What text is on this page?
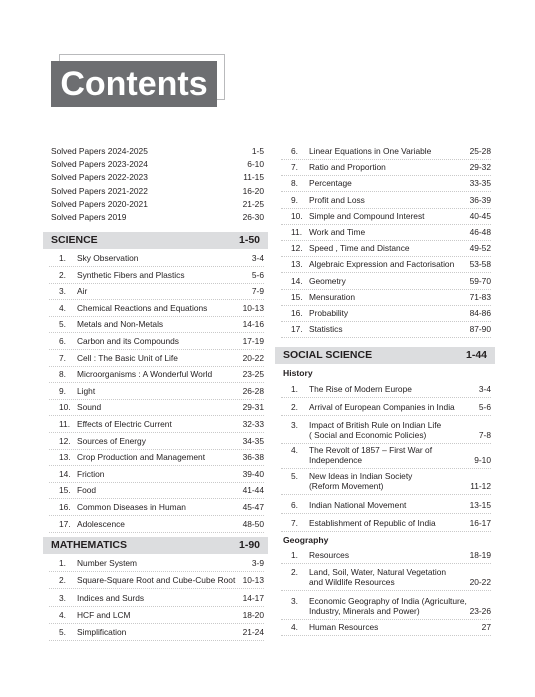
Contents
Solved Papers 2024-2025	1-5
Solved Papers 2023-2024	6-10
Solved Papers 2022-2023	11-15
Solved Papers 2021-2022	16-20
Solved Papers 2020-2021	21-25
Solved Papers 2019	26-30
SCIENCE	1-50
1. Sky Observation	3-4
2. Synthetic Fibers and Plastics	5-6
3. Air	7-9
4. Chemical Reactions and Equations	10-13
5. Metals and Non-Metals	14-16
6. Carbon and its Compounds	17-19
7. Cell : The Basic Unit of Life	20-22
8. Microorganisms : A Wonderful World	23-25
9. Light	26-28
10. Sound	29-31
11. Effects of Electric Current	32-33
12. Sources of Energy	34-35
13. Crop Production and Management	36-38
14. Friction	39-40
15. Food	41-44
16. Common Diseases in Human	45-47
17. Adolescence	48-50
MATHEMATICS	1-90
1. Number System	3-9
2. Square-Square Root and Cube-Cube Root 10-13
3. Indices and Surds	14-17
4. HCF and LCM	18-20
5. Simplification	21-24
6. Linear Equations in One Variable	25-28
7. Ratio and Proportion	29-32
8. Percentage	33-35
9. Profit and Loss	36-39
10. Simple and Compound Interest	40-45
11. Work and Time	46-48
12. Speed , Time and Distance	49-52
13. Algebraic Expression and Factorisation 53-58
14. Geometry	59-70
15. Mensuration	71-83
16. Probability	84-86
17. Statistics	87-90
SOCIAL SCIENCE	1-44
History
1. The Rise of Modern Europe	3-4
2. Arrival of European Companies in India	5-6
3. Impact of British Rule on Indian Life
( Social and Economic Policies)	7-8
4. The Revolt of 1857 – First War of
Independence	9-10
5. New Ideas in Indian Society
(Reform Movement)	11-12
6. Indian National Movement	13-15
7. Establishment of Republic of India	16-17
Geography
1. Resources	18-19
2. Land, Soil, Water, Natural Vegetation
and Wildlife Resources	20-22
3. Economic Geography of India (Agriculture,
Industry, Minerals and Power)	23-26
4. Human Resources	27
